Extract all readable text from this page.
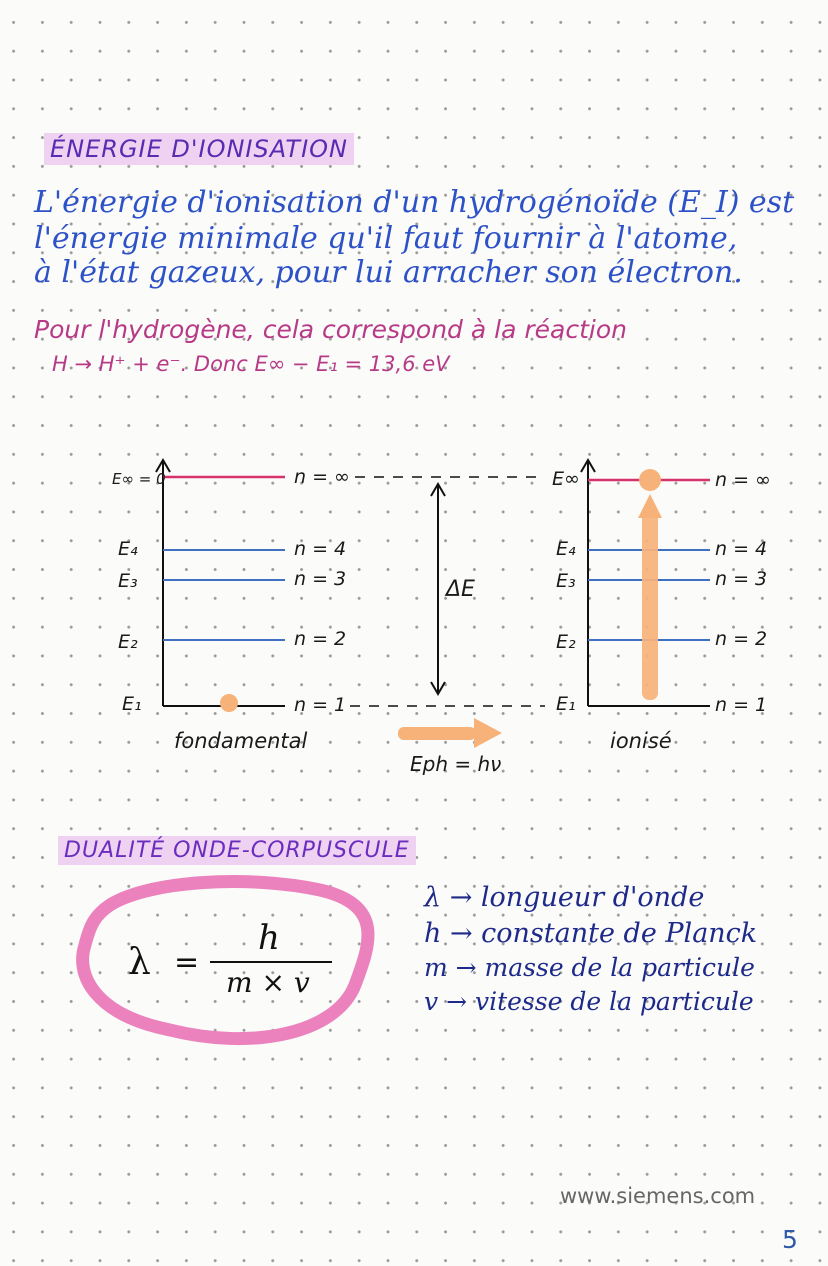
ÉNERGIE D'IONISATION
L'énergie d'ionisation d'un hydrogénoïde (E_I) est
l'énergie minimale qu'il faut fournir à l'atome,
à l'état gazeux, pour lui arracher son électron.
Pour l'hydrogène, cela correspond à la réaction
H → H⁺ + e⁻. Donc E∞ − E₁ = 13,6 eV
E∞ = 0
E₄
E₃
E₂
E₁
n = ∞
n = 4
n = 3
n = 2
n = 1
fondamental
E∞
E₄
E₃
E₂
E₁
n = ∞
n = 4
n = 3
n = 2
n = 1
ionisé
ΔE
Eph = hν
DUALITÉ ONDE-CORPUSCULE
λ =
h
m × v
λ → longueur d'onde
h → constante de Planck
m → masse de la particule
v → vitesse de la particule
www.siemens.com
5
